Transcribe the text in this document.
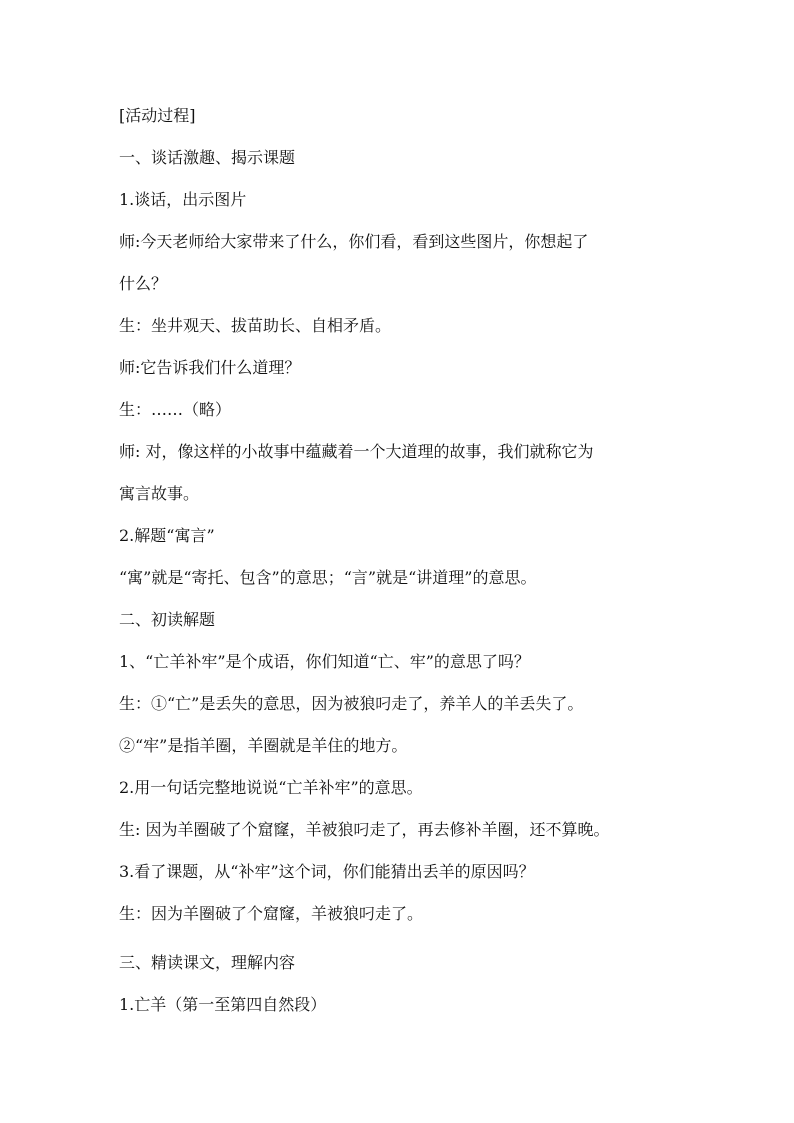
[活动过程]
一、谈话激趣、揭示课题
1.谈话，出示图片
师:今天老师给大家带来了什么，你们看，看到这些图片，你想起了
什么？
生：坐井观天、拔苗助长、自相矛盾。
师:它告诉我们什么道理？
生：……（略）
师: 对，像这样的小故事中蕴藏着一个大道理的故事，我们就称它为
寓言故事。
2.解题“寓言”
“寓”就是“寄托、包含”的意思；“言”就是“讲道理”的意思。
二、初读解题
1、“亡羊补牢”是个成语，你们知道“亡、牢”的意思了吗？
生：①“亡”是丢失的意思，因为被狼叼走了，养羊人的羊丢失了。
②“牢”是指羊圈，羊圈就是羊住的地方。
2.用一句话完整地说说“亡羊补牢”的意思。
生: 因为羊圈破了个窟窿，羊被狼叼走了，再去修补羊圈，还不算晚。
3.看了课题，从“补牢”这个词，你们能猜出丢羊的原因吗？
生：因为羊圈破了个窟窿，羊被狼叼走了。
三、精读课文，理解内容
1.亡羊（第一至第四自然段）
